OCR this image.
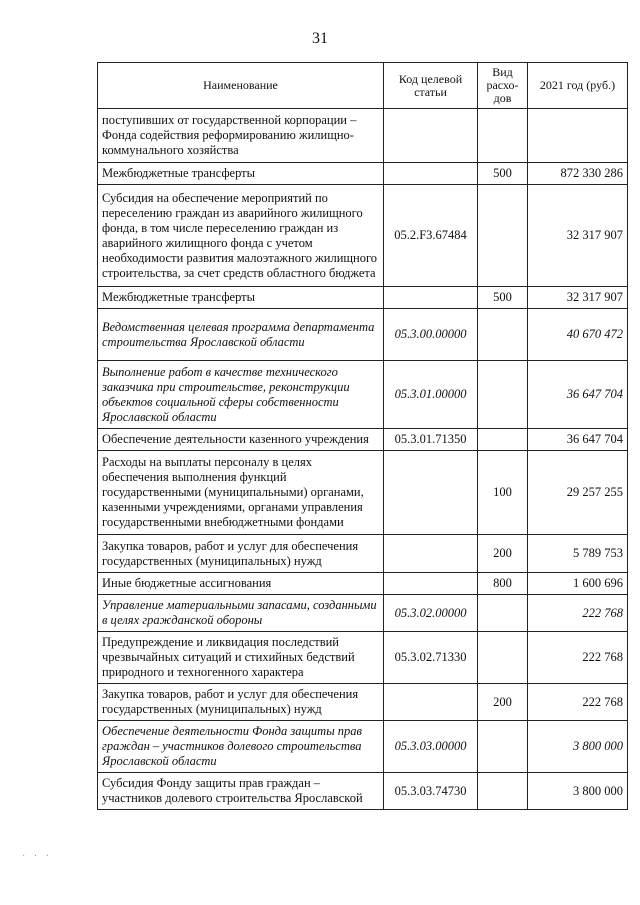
31
Наименование	Код целевой статьи	Вид расхо-дов	2021 год (руб.)
поступивших от государственной корпорации – Фонда содействия реформированию жилищно-коммунального хозяйства			
Межбюджетные трансферты		500	872 330 286
Субсидия на обеспечение мероприятий по переселению граждан из аварийного жилищного фонда, в том числе переселению граждан из аварийного жилищного фонда с учетом необходимости развития малоэтажного жилищного строительства, за счет средств областного бюджета	05.2.F3.67484		32 317 907
Межбюджетные трансферты		500	32 317 907
Ведомственная целевая программа департамента строительства Ярославской области	05.3.00.00000		40 670 472
Выполнение работ в качестве технического заказчика при строительстве, реконструкции объектов социальной сферы собственности Ярославской области	05.3.01.00000		36 647 704
Обеспечение деятельности казенного учреждения	05.3.01.71350		36 647 704
Расходы на выплаты персоналу в целях обеспечения выполнения функций государственными (муниципальными) органами, казенными учреждениями, органами управления государственными внебюджетными фондами		100	29 257 255
Закупка товаров, работ и услуг для обеспечения государственных (муниципальных) нужд		200	5 789 753
Иные бюджетные ассигнования		800	1 600 696
Управление материальными запасами, созданными в целях гражданской обороны	05.3.02.00000		222 768
Предупреждение и ликвидация последствий чрезвычайных ситуаций и стихийных бедствий природного и техногенного характера	05.3.02.71330		222 768
Закупка товаров, работ и услуг для обеспечения государственных (муниципальных) нужд		200	222 768
Обеспечение деятельности Фонда защиты прав граждан – участников долевого строительства Ярославской области	05.3.03.00000		3 800 000
Субсидия Фонду защиты прав граждан – участников долевого строительства Ярославской	05.3.03.74730		3 800 000
· · ·
